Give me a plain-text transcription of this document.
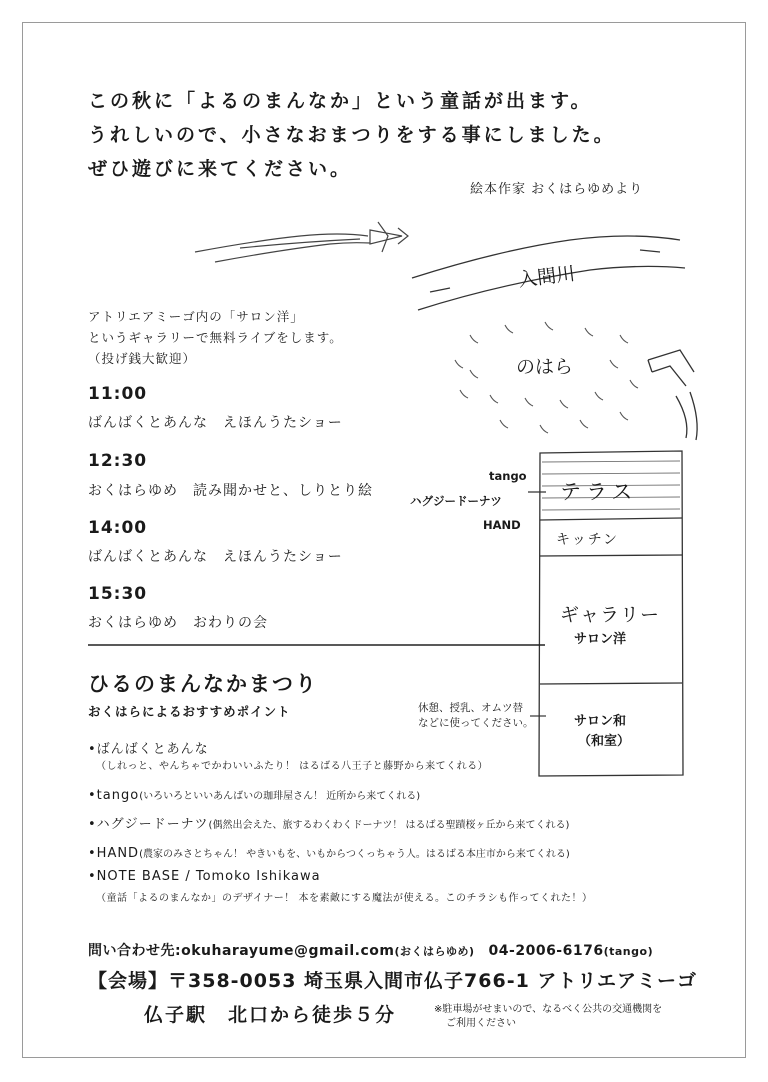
この秋に「よるのまんなか」という童話が出ます。
うれしいので、小さなおまつりをする事にしました。
ぜひ遊びに来てください。
絵本作家 おくはらゆめより
入間川
のはら
テラス
キッチン
ギャラリー
サロン洋
サロン和
（和室）
tango
ハグジードーナツ
HAND
休憩、授乳、オムツ替
などに使ってください。
アトリエアミーゴ内の「サロン洋」
というギャラリーで無料ライブをします。
（投げ銭大歓迎）
11:00
ばんばくとあんな　えほんうたショー
12:30
おくはらゆめ　読み聞かせと、しりとり絵
14:00
ばんばくとあんな　えほんうたショー
15:30
おくはらゆめ　おわりの会
ひるのまんなかまつり
おくはらによるおすすめポイント
•ばんばくとあんな
（しれっと、やんちゃでかわいいふたり！ はるばる八王子と藤野から来てくれる）
•tango(いろいろといいあんばいの珈琲屋さん！ 近所から来てくれる)
•ハグジードーナツ(偶然出会えた、旅するわくわくドーナツ！ はるばる聖蹟桜ヶ丘から来てくれる)
•HAND(農家のみさとちゃん！ やきいもを、いもからつくっちゃう人。はるばる本庄市から来てくれる)
•NOTE BASE / Tomoko Ishikawa
（童話「よるのまんなか」のデザイナー！ 本を素敵にする魔法が使える。このチラシも作ってくれた！）
問い合わせ先:okuharayume@gmail.com(おくはらゆめ) 04-2006-6176(tango)
【会場】〒358-0053 埼玉県入間市仏子766-1 アトリエアミーゴ
仏子駅　北口から徒歩５分	※駐車場がせまいので、なるべく公共の交通機関を
ご利用ください
